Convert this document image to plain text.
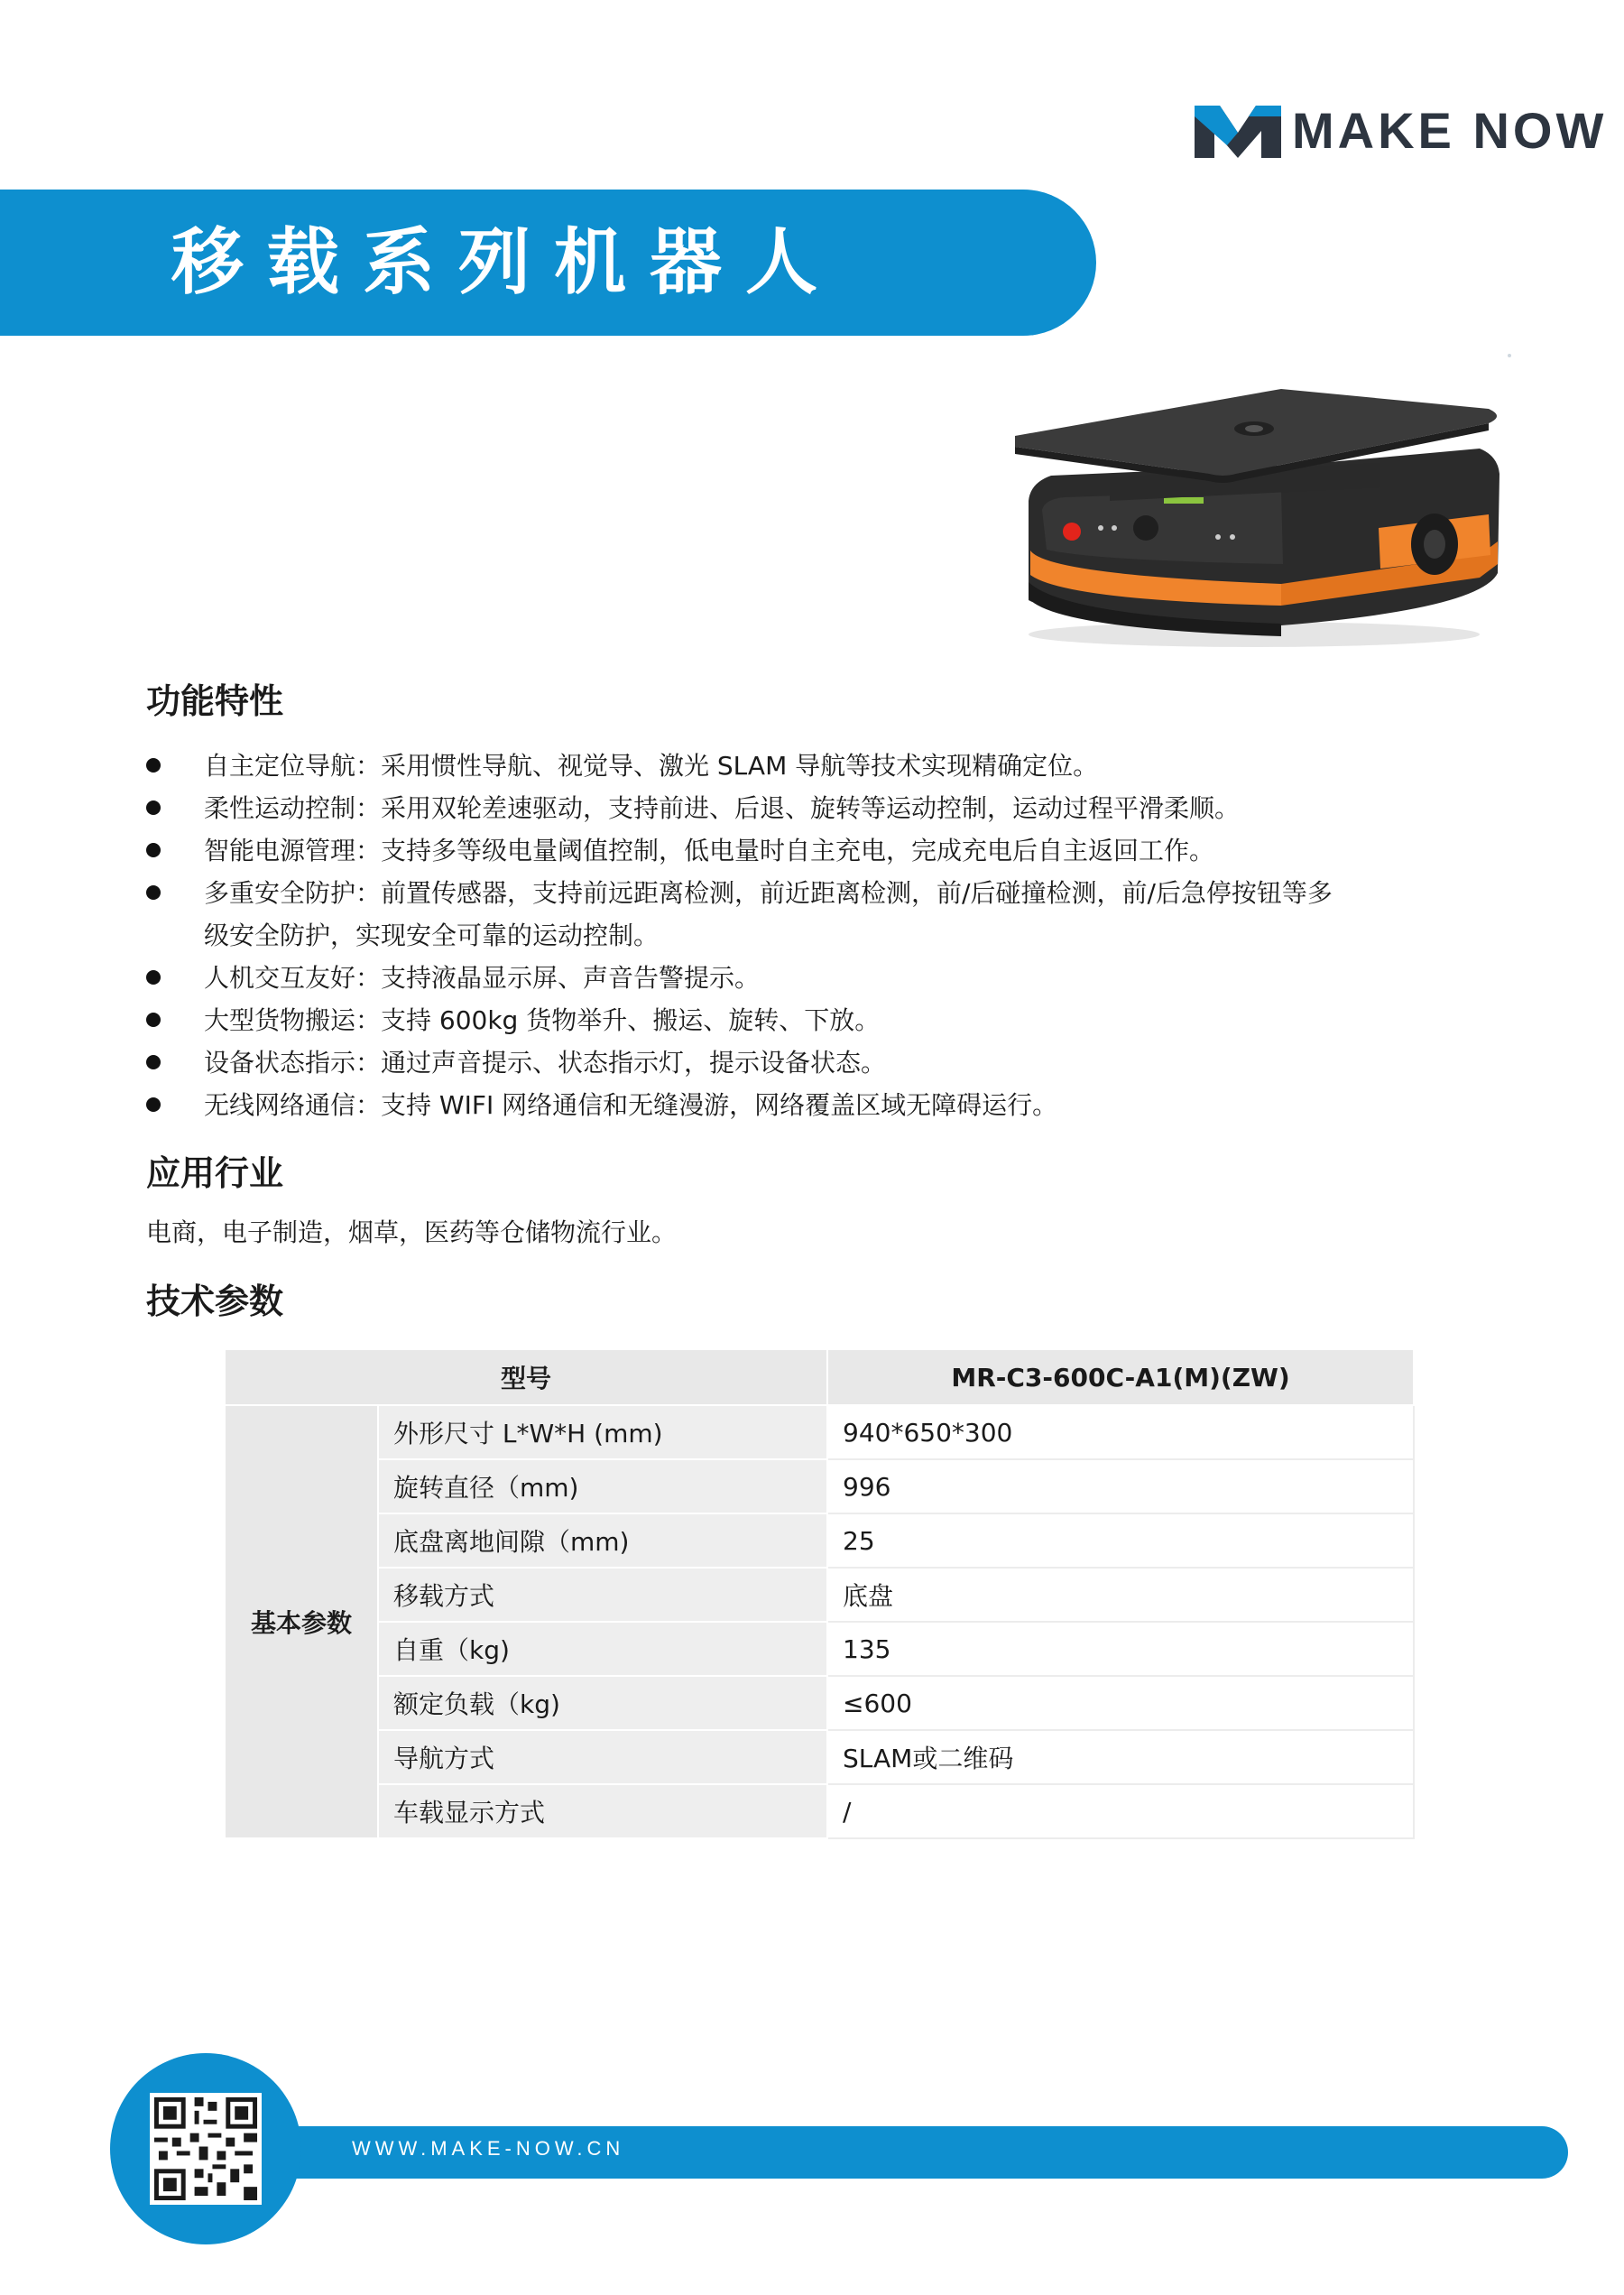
MAKE NOW
移载系列机器人
功能特性
自主定位导航：采用惯性导航、视觉导、激光 SLAM 导航等技术实现精确定位。
柔性运动控制：采用双轮差速驱动，支持前进、后退、旋转等运动控制，运动过程平滑柔顺。
智能电源管理：支持多等级电量阈值控制，低电量时自主充电，完成充电后自主返回工作。
多重安全防护：前置传感器，支持前远距离检测，前近距离检测，前/后碰撞检测，前/后急停按钮等多
级安全防护，实现安全可靠的运动控制。
人机交互友好：支持液晶显示屏、声音告警提示。
大型货物搬运：支持 600kg 货物举升、搬运、旋转、下放。
设备状态指示：通过声音提示、状态指示灯，提示设备状态。
无线网络通信：支持 WIFI 网络通信和无缝漫游，网络覆盖区域无障碍运行。
应用行业
电商，电子制造，烟草，医药等仓储物流行业。
技术参数
型号		MR-C3-600C-A1(M)(ZW)
基本参数	外形尺寸 L*W*H (mm)	940*650*300
	旋转直径（mm)	996
	底盘离地间隙（mm)	25
	移载方式	底盘
	自重（kg)	135
	额定负载（kg)	≤600
	导航方式	SLAM或二维码
	车载显示方式	/
WWW.MAKE-NOW.CN
